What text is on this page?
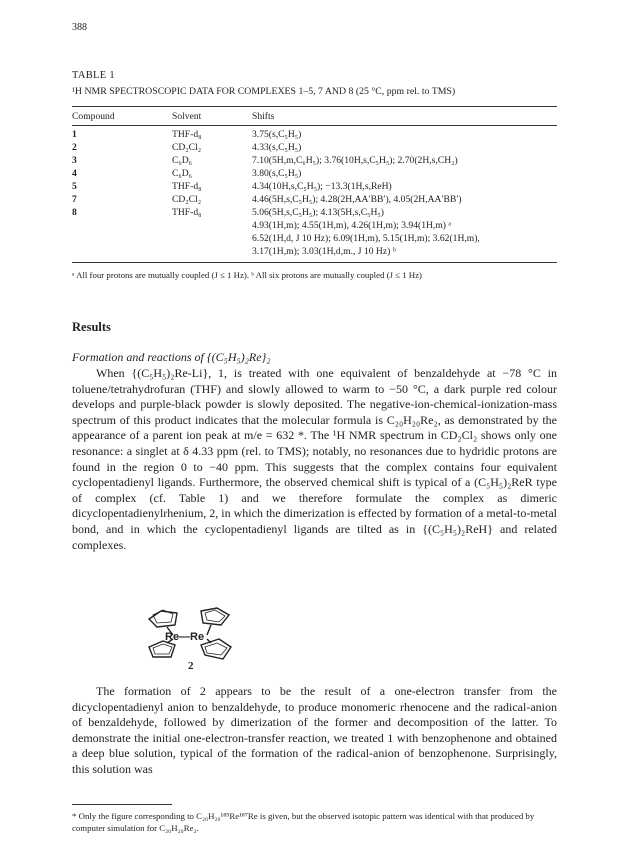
388
TABLE 1
¹H NMR SPECTROSCOPIC DATA FOR COMPLEXES 1–5, 7 AND 8 (25 °C, ppm rel. to TMS)
Compound	Solvent	Shifts
1	THF-d₈	3.75(s,C₅H₅)
2	CD₂Cl₂	4.33(s,C₅H₅)
3	C₆D₆	7.10(5H,m,C₆H₅); 3.76(10H,s,C₅H₅); 2.70(2H,s,CH₂)
4	C₆D₆	3.80(s,C₅H₅)
5	THF-d₈	4.34(10H,s,C₅H₅); −13.3(1H,s,ReH)
7	CD₂Cl₂	4.46(5H,s,C₅H₅); 4.28(2H,AA′BB′), 4.05(2H,AA′BB′)
8	THF-d₈	5.06(5H,s,C₅H₅); 4.13(5H,s,C₅H₅)
4.93(1H,m); 4.55(1H,m), 4.26(1H,m); 3.94(1H,m) ᵃ
6.52(1H,d, J 10 Hz); 6.09(1H,m), 5.15(1H,m); 3.62(1H,m),
3.17(1H,m); 3.03(1H,d,m., J 10 Hz) ᵇ
ᵃ All four protons are mutually coupled (J ≤ 1 Hz). ᵇ All six protons are mutually coupled (J ≤ 1 Hz)
Results
Formation and reactions of {(C₅H₅)₂Re}₂

When {(C₅H₅)₂Re-Li}, 1, is treated with one equivalent of benzaldehyde at −78 °C in toluene/tetrahydrofuran (THF) and slowly allowed to warm to −50 °C, a dark purple red colour develops and purple-black powder is slowly deposited. The negative-ion-chemical-ionization-mass spectrum of this product indicates that the molecular formula is C₂₀H₂₀Re₂, as demonstrated by the appearance of a parent ion peak at m/e = 632 *. The ¹H NMR spectrum in CD₂Cl₂ shows only one resonance: a singlet at δ 4.33 ppm (rel. to TMS); notably, no resonances due to hydridic protons are found in the region 0 to −40 ppm. This suggests that the complex contains four equivalent cyclopentadienyl ligands. Furthermore, the observed chemical shift is typical of a (C₅H₅)₂ReR type of complex (cf. Table 1) and we therefore formulate the complex as dimeric dicyclopentadienylrhenium, 2, in which the dimerization is effected by formation of a metal-to-metal bond, and in which the cyclopentadienyl ligands are tilted as in {(C₅H₅)₂ReH} and related complexes.

Re—Re
2

The formation of 2 appears to be the result of a one-electron transfer from the dicyclopentadienyl anion to benzaldehyde, to produce monomeric rhenocene and the radical-anion of benzaldehyde, followed by dimerization of the former and decomposition of the latter. To demonstrate the initial one-electron-transfer reaction, we treated 1 with benzophenone and obtained a deep blue solution, typical of the formation of the radical-anion of benzophenone. Surprisingly, this solution was

* Only the figure corresponding to C₂₀H₂₀¹⁸⁵Re¹⁸⁷Re is given, but the observed isotopic pattern was identical with that produced by computer simulation for C₂₀H₂₀Re₂.
